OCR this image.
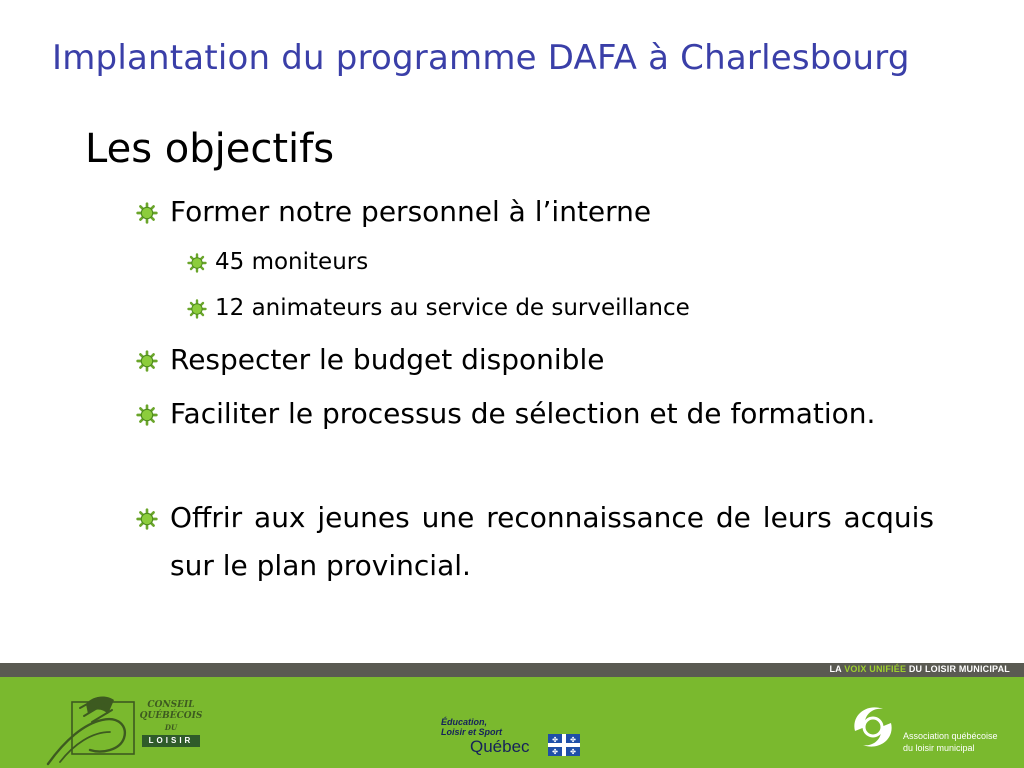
Implantation du programme DAFA à Charlesbourg
Les objectifs
Former notre personnel à l’interne
45 moniteurs
12 animateurs au service de surveillance
Respecter le budget disponible
Faciliter le processus de sélection et de formation.
Offrir aux jeunes une reconnaissance de leurs acquis sur le plan provincial.
LA VOIX UNIFIÉE DU LOISIR MUNICIPAL
CONSEIL
QUÉBÉCOIS
DU
LOISIR
Éducation,
Loisir et Sport
Québec	✤ ✤
✤ ✤
Association québécoise
du loisir municipal
